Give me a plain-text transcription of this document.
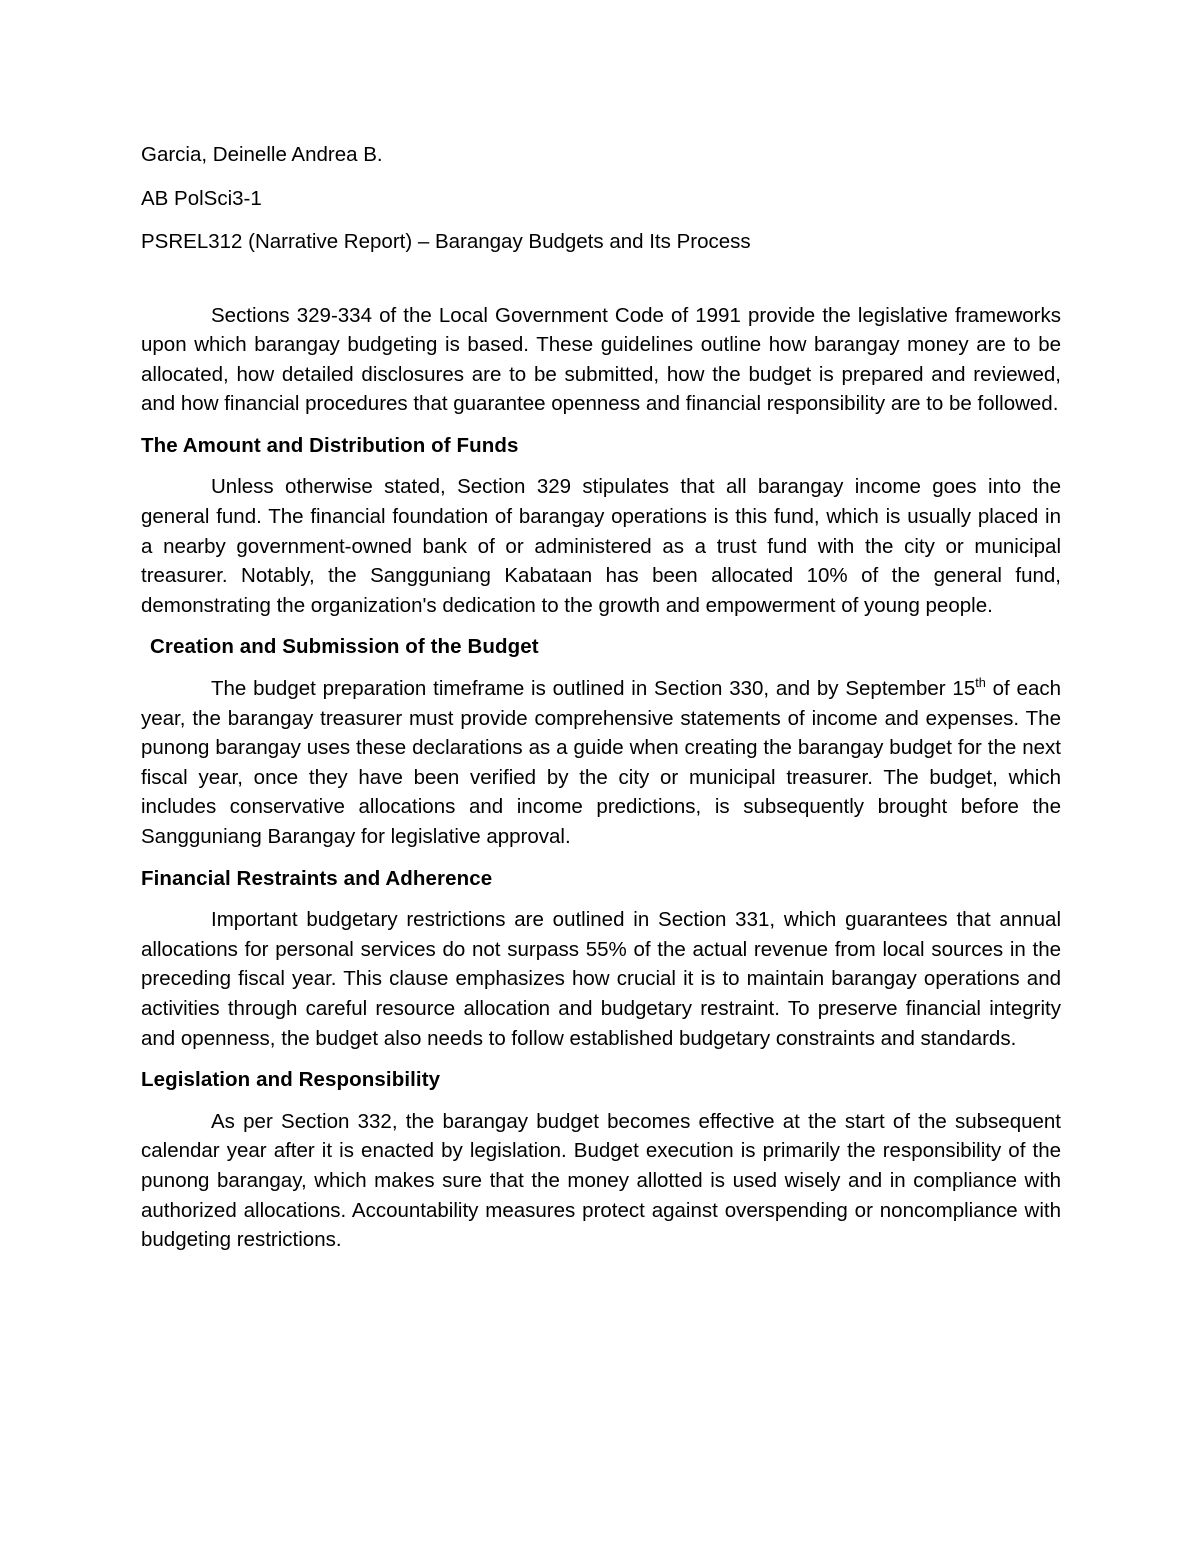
Garcia, Deinelle Andrea B.

AB PolSci3-1

PSREL312 (Narrative Report) – Barangay Budgets and Its Process

Sections 329-334 of the Local Government Code of 1991 provide the legislative frameworks upon which barangay budgeting is based. These guidelines outline how barangay money are to be allocated, how detailed disclosures are to be submitted, how the budget is prepared and reviewed, and how financial procedures that guarantee openness and financial responsibility are to be followed.

The Amount and Distribution of Funds

Unless otherwise stated, Section 329 stipulates that all barangay income goes into the general fund. The financial foundation of barangay operations is this fund, which is usually placed in a nearby government-owned bank of or administered as a trust fund with the city or municipal treasurer. Notably, the Sangguniang Kabataan has been allocated 10% of the general fund, demonstrating the organization's dedication to the growth and empowerment of young people.

Creation and Submission of the Budget

The budget preparation timeframe is outlined in Section 330, and by September 15th of each year, the barangay treasurer must provide comprehensive statements of income and expenses. The punong barangay uses these declarations as a guide when creating the barangay budget for the next fiscal year, once they have been verified by the city or municipal treasurer. The budget, which includes conservative allocations and income predictions, is subsequently brought before the Sangguniang Barangay for legislative approval.

Financial Restraints and Adherence

Important budgetary restrictions are outlined in Section 331, which guarantees that annual allocations for personal services do not surpass 55% of the actual revenue from local sources in the preceding fiscal year. This clause emphasizes how crucial it is to maintain barangay operations and activities through careful resource allocation and budgetary restraint. To preserve financial integrity and openness, the budget also needs to follow established budgetary constraints and standards.

Legislation and Responsibility

As per Section 332, the barangay budget becomes effective at the start of the subsequent calendar year after it is enacted by legislation. Budget execution is primarily the responsibility of the punong barangay, which makes sure that the money allotted is used wisely and in compliance with authorized allocations. Accountability measures protect against overspending or noncompliance with budgeting restrictions.
